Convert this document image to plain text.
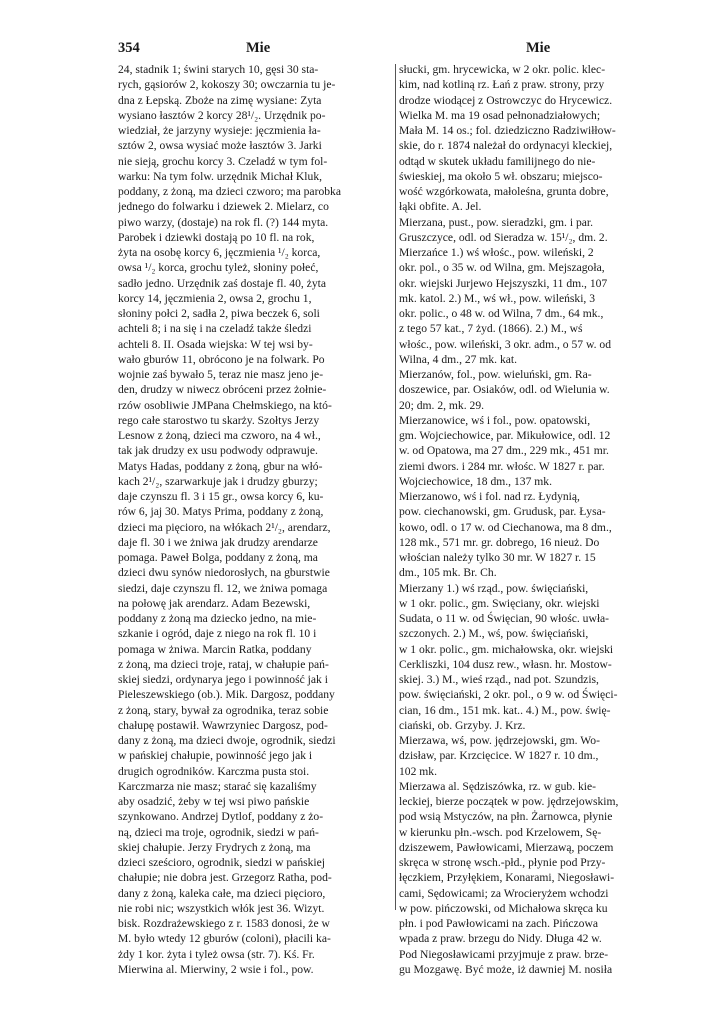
354	Mie	Mie
24, stadnik 1; świni starych 10, gęsi 30 sta-
rych, gąsiorów 2, kokoszy 30; owczarnia tu je-
dna z Łepską. Zboże na zimę wysiane: Zyta
wysiano łasztów 2 korcy 28¹/₂. Urzędnik po-
wiedział, że jarzyny wysieje: jęczmienia ła-
sztów 2, owsa wysiać może łasztów 3. Jarki
nie sieją, grochu korcy 3. Czeladź w tym fol-
warku: Na tym folw. urzędnik Michał Kluk,
poddany, z żoną, ma dzieci czworo; ma parobka
jednego do folwarku i dziewek 2. Mielarz, co
piwo warzy, (dostaje) na rok fl. (?) 144 myta.
Parobek i dziewki dostają po 10 fl. na rok,
żyta na osobę korcy 6, jęczmienia ¹/₂ korca,
owsa ¹/₂ korca, grochu tyleż, słoniny połeć,
sadło jedno. Urzędnik zaś dostaje fl. 40, żyta
korcy 14, jęczmienia 2, owsa 2, grochu 1,
słoniny połci 2, sadła 2, piwa beczek 6, soli
achteli 8; i na się i na czeladź także śledzi
achteli 8. II. Osada wiejska: W tej wsi by-
wało gburów 11, obrócono je na folwark. Po
wojnie zaś bywało 5, teraz nie masz jeno je-
den, drudzy w niwecz obróceni przez żołnie-
rzów osobliwie JMPana Chełmskiego, na któ-
rego całe starostwo tu skarży. Szołtys Jerzy
Lesnow z żoną, dzieci ma czworo, na 4 wł.,
tak jak drudzy ex usu podwody odprawuje.
Matys Hadas, poddany z żoną, gbur na włó-
kach 2¹/₂, szarwarkuje jak i drudzy gburzy;
daje czynszu fl. 3 i 15 gr., owsa korcy 6, ku-
rów 6, jaj 30. Matys Prima, poddany z żoną,
dzieci ma pięcioro, na włókach 2¹/₂, arendarz,
daje fl. 30 i we żniwa jak drudzy arendarze
pomaga. Paweł Bolga, poddany z żoną, ma
dzieci dwu synów niedorosłych, na gburstwie
siedzi, daje czynszu fl. 12, we żniwa pomaga
na połowę jak arendarz. Adam Bezewski,
poddany z żoną ma dziecko jedno, na mie-
szkanie i ogród, daje z niego na rok fl. 10 i
pomaga w żniwa. Marcin Ratka, poddany
z żoną, ma dzieci troje, rataj, w chałupie pań-
skiej siedzi, ordynarya jego i powinność jak i
Pieleszewskiego (ob.). Mik. Dargosz, poddany
z żoną, stary, bywał za ogrodnika, teraz sobie
chałupę postawił. Wawrzyniec Dargosz, pod-
dany z żoną, ma dzieci dwoje, ogrodnik, siedzi
w pańskiej chałupie, powinność jego jak i
drugich ogrodników. Karczma pusta stoi.
Karczmarza nie masz; starać się kazaliśmy
aby osadzić, żeby w tej wsi piwo pańskie
szynkowano. Andrzej Dytlof, poddany z żo-
ną, dzieci ma troje, ogrodnik, siedzi w pań-
skiej chałupie. Jerzy Frydrych z żoną, ma
dzieci sześcioro, ogrodnik, siedzi w pańskiej
chałupie; nie dobra jest. Grzegorz Ratha, pod-
dany z żoną, kaleka całe, ma dzieci pięcioro,
nie robi nic; wszystkich włók jest 36. Wizyt.
bisk. Rozdrażewskiego z r. 1583 donosi, że w
M. było wtedy 12 gburów (coloni), płacili ka-
żdy 1 kor. żyta i tyleż owsa (str. 7). Kś. Fr.
Mierwina al. Mierwiny, 2 wsie i fol., pow.
słucki, gm. hrycewicka, w 2 okr. polic. klec-
kim, nad kotliną rz. Łań z praw. strony, przy
drodze wiodącej z Ostrowczyc do Hrycewicz.
Wielka M. ma 19 osad pełnonadziałowych;
Mała M. 14 os.; fol. dziedziczno Radziwiłłow-
skie, do r. 1874 należał do ordynacyi kleckiej,
odtąd w skutek układu familijnego do nie-
świeskiej, ma około 5 wł. obszaru; miejsco-
wość wzgórkowata, małoleśna, grunta dobre,
łąki obfite. A. Jel.
Mierzana, pust., pow. sieradzki, gm. i par.
Gruszczyce, odl. od Sieradza w. 15¹/₂, dm. 2.
Mierzańce 1.) wś włośc., pow. wileński, 2
okr. pol., o 35 w. od Wilna, gm. Mejszagoła,
okr. wiejski Jurjewo Hejszyszki, 11 dm., 107
mk. katol. 2.) M., wś wł., pow. wileński, 3
okr. polic., o 48 w. od Wilna, 7 dm., 64 mk.,
z tego 57 kat., 7 żyd. (1866). 2.) M., wś
włośc., pow. wileński, 3 okr. adm., o 57 w. od
Wilna, 4 dm., 27 mk. kat.
Mierzanów, fol., pow. wieluński, gm. Ra-
doszewice, par. Osiaków, odl. od Wielunia w.
20; dm. 2, mk. 29.
Mierzanowice, wś i fol., pow. opatowski,
gm. Wojciechowice, par. Mikułowice, odl. 12
w. od Opatowa, ma 27 dm., 229 mk., 451 mr.
ziemi dwors. i 284 mr. włośc. W 1827 r. par.
Wojciechowice, 18 dm., 137 mk.
Mierzanowo, wś i fol. nad rz. Łydynią,
pow. ciechanowski, gm. Grudusk, par. Łysa-
kowo, odl. o 17 w. od Ciechanowa, ma 8 dm.,
128 mk., 571 mr. gr. dobrego, 16 nieuż. Do
włościan należy tylko 30 mr. W 1827 r. 15
dm., 105 mk. Br. Ch.
Mierzany 1.) wś rząd., pow. święciański,
w 1 okr. polic., gm. Swięciany, okr. wiejski
Sudata, o 11 w. od Święcian, 90 włośc. uwła-
szczonych. 2.) M., wś, pow. święciański,
w 1 okr. polic., gm. michałowska, okr. wiejski
Cerkliszki, 104 dusz rew., własn. hr. Mostow-
skiej. 3.) M., wieś rząd., nad pot. Szundzis,
pow. święciański, 2 okr. pol., o 9 w. od Święci-
cian, 16 dm., 151 mk. kat.. 4.) M., pow. świę-
ciański, ob. Grzyby. J. Krz.
Mierzawa, wś, pow. jędrzejowski, gm. Wo-
dzisław, par. Krzcięcice. W 1827 r. 10 dm.,
102 mk.
Mierzawa al. Sędziszówka, rz. w gub. kie-
leckiej, bierze początek w pow. jędrzejowskim,
pod wsią Mstyczów, na płn. Żarnowca, płynie
w kierunku płn.-wsch. pod Krzelowem, Sę-
dziszewem, Pawłowicami, Mierzawą, poczem
skręca w stronę wsch.-płd., płynie pod Przy-
łęczkiem, Przyłękiem, Konarami, Niegosławi-
cami, Sędowicami; za Wrocieryżem wchodzi
w pow. pińczowski, od Michałowa skręca ku
płn. i pod Pawłowicami na zach. Pińczowa
wpada z praw. brzegu do Nidy. Długa 42 w.
Pod Niegosławicami przyjmuje z praw. brze-
gu Mozgawę. Być może, iż dawniej M. nosiła
